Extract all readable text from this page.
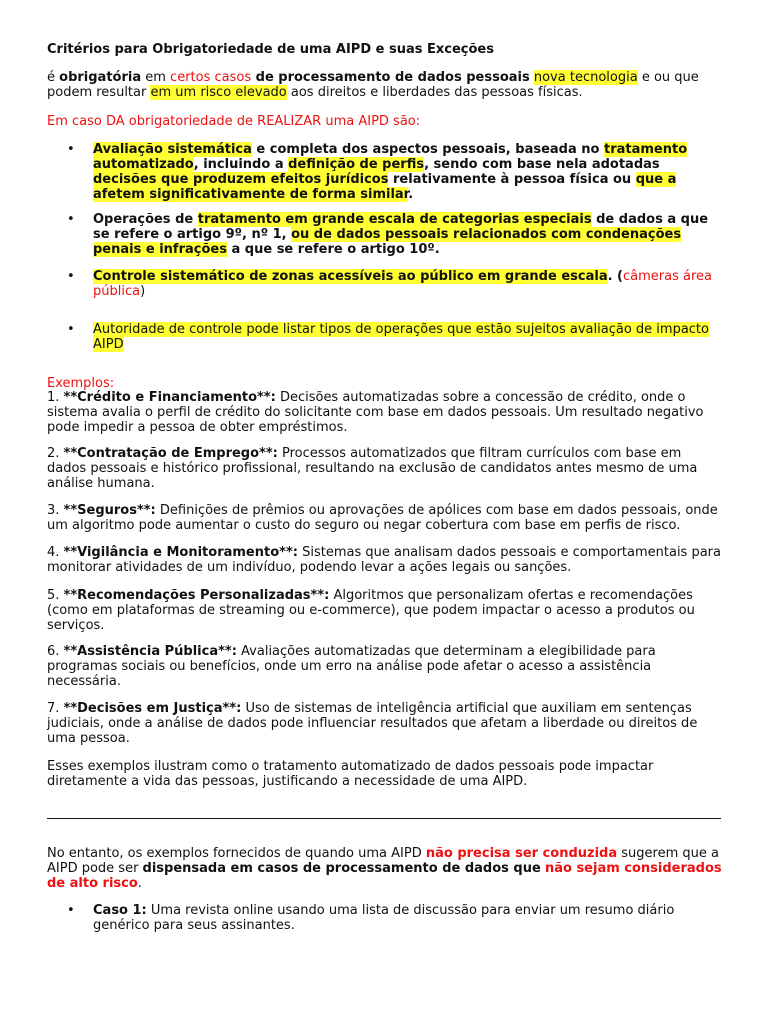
Critérios para Obrigatoriedade de uma AIPD e suas Exceções

é obrigatória em certos casos de processamento de dados pessoais nova tecnologia e ou que podem resultar em um risco elevado aos direitos e liberdades das pessoas físicas.

Em caso DA obrigatoriedade de REALIZAR uma AIPD são:

• Avaliação sistemática e completa dos aspectos pessoais, baseada no tratamento automatizado, incluindo a definição de perfis, sendo com base nela adotadas decisões que produzem efeitos jurídicos relativamente à pessoa física ou que a afetem significativamente de forma similar.
• Operações de tratamento em grande escala de categorias especiais de dados a que se refere o artigo 9º, nº 1, ou de dados pessoais relacionados com condenações penais e infrações a que se refere o artigo 10º.
• Controle sistemático de zonas acessíveis ao público em grande escala. (câmeras área pública)
• Autoridade de controle pode listar tipos de operações que estão sujeitos avaliação de impacto AIPD

Exemplos:

1. **Crédito e Financiamento**: Decisões automatizadas sobre a concessão de crédito, onde o sistema avalia o perfil de crédito do solicitante com base em dados pessoais. Um resultado negativo pode impedir a pessoa de obter empréstimos.

2. **Contratação de Emprego**: Processos automatizados que filtram currículos com base em dados pessoais e histórico profissional, resultando na exclusão de candidatos antes mesmo de uma análise humana.

3. **Seguros**: Definições de prêmios ou aprovações de apólices com base em dados pessoais, onde um algoritmo pode aumentar o custo do seguro ou negar cobertura com base em perfis de risco.

4. **Vigilância e Monitoramento**: Sistemas que analisam dados pessoais e comportamentais para monitorar atividades de um indivíduo, podendo levar a ações legais ou sanções.

5. **Recomendações Personalizadas**: Algoritmos que personalizam ofertas e recomendações (como em plataformas de streaming ou e-commerce), que podem impactar o acesso a produtos ou serviços.

6. **Assistência Pública**: Avaliações automatizadas que determinam a elegibilidade para programas sociais ou benefícios, onde um erro na análise pode afetar o acesso a assistência necessária.

7. **Decisões em Justiça**: Uso de sistemas de inteligência artificial que auxiliam em sentenças judiciais, onde a análise de dados pode influenciar resultados que afetam a liberdade ou direitos de uma pessoa.

Esses exemplos ilustram como o tratamento automatizado de dados pessoais pode impactar diretamente a vida das pessoas, justificando a necessidade de uma AIPD.

No entanto, os exemplos fornecidos de quando uma AIPD não precisa ser conduzida sugerem que a AIPD pode ser dispensada em casos de processamento de dados que não sejam considerados de alto risco.

• Caso 1: Uma revista online usando uma lista de discussão para enviar um resumo diário genérico para seus assinantes.
